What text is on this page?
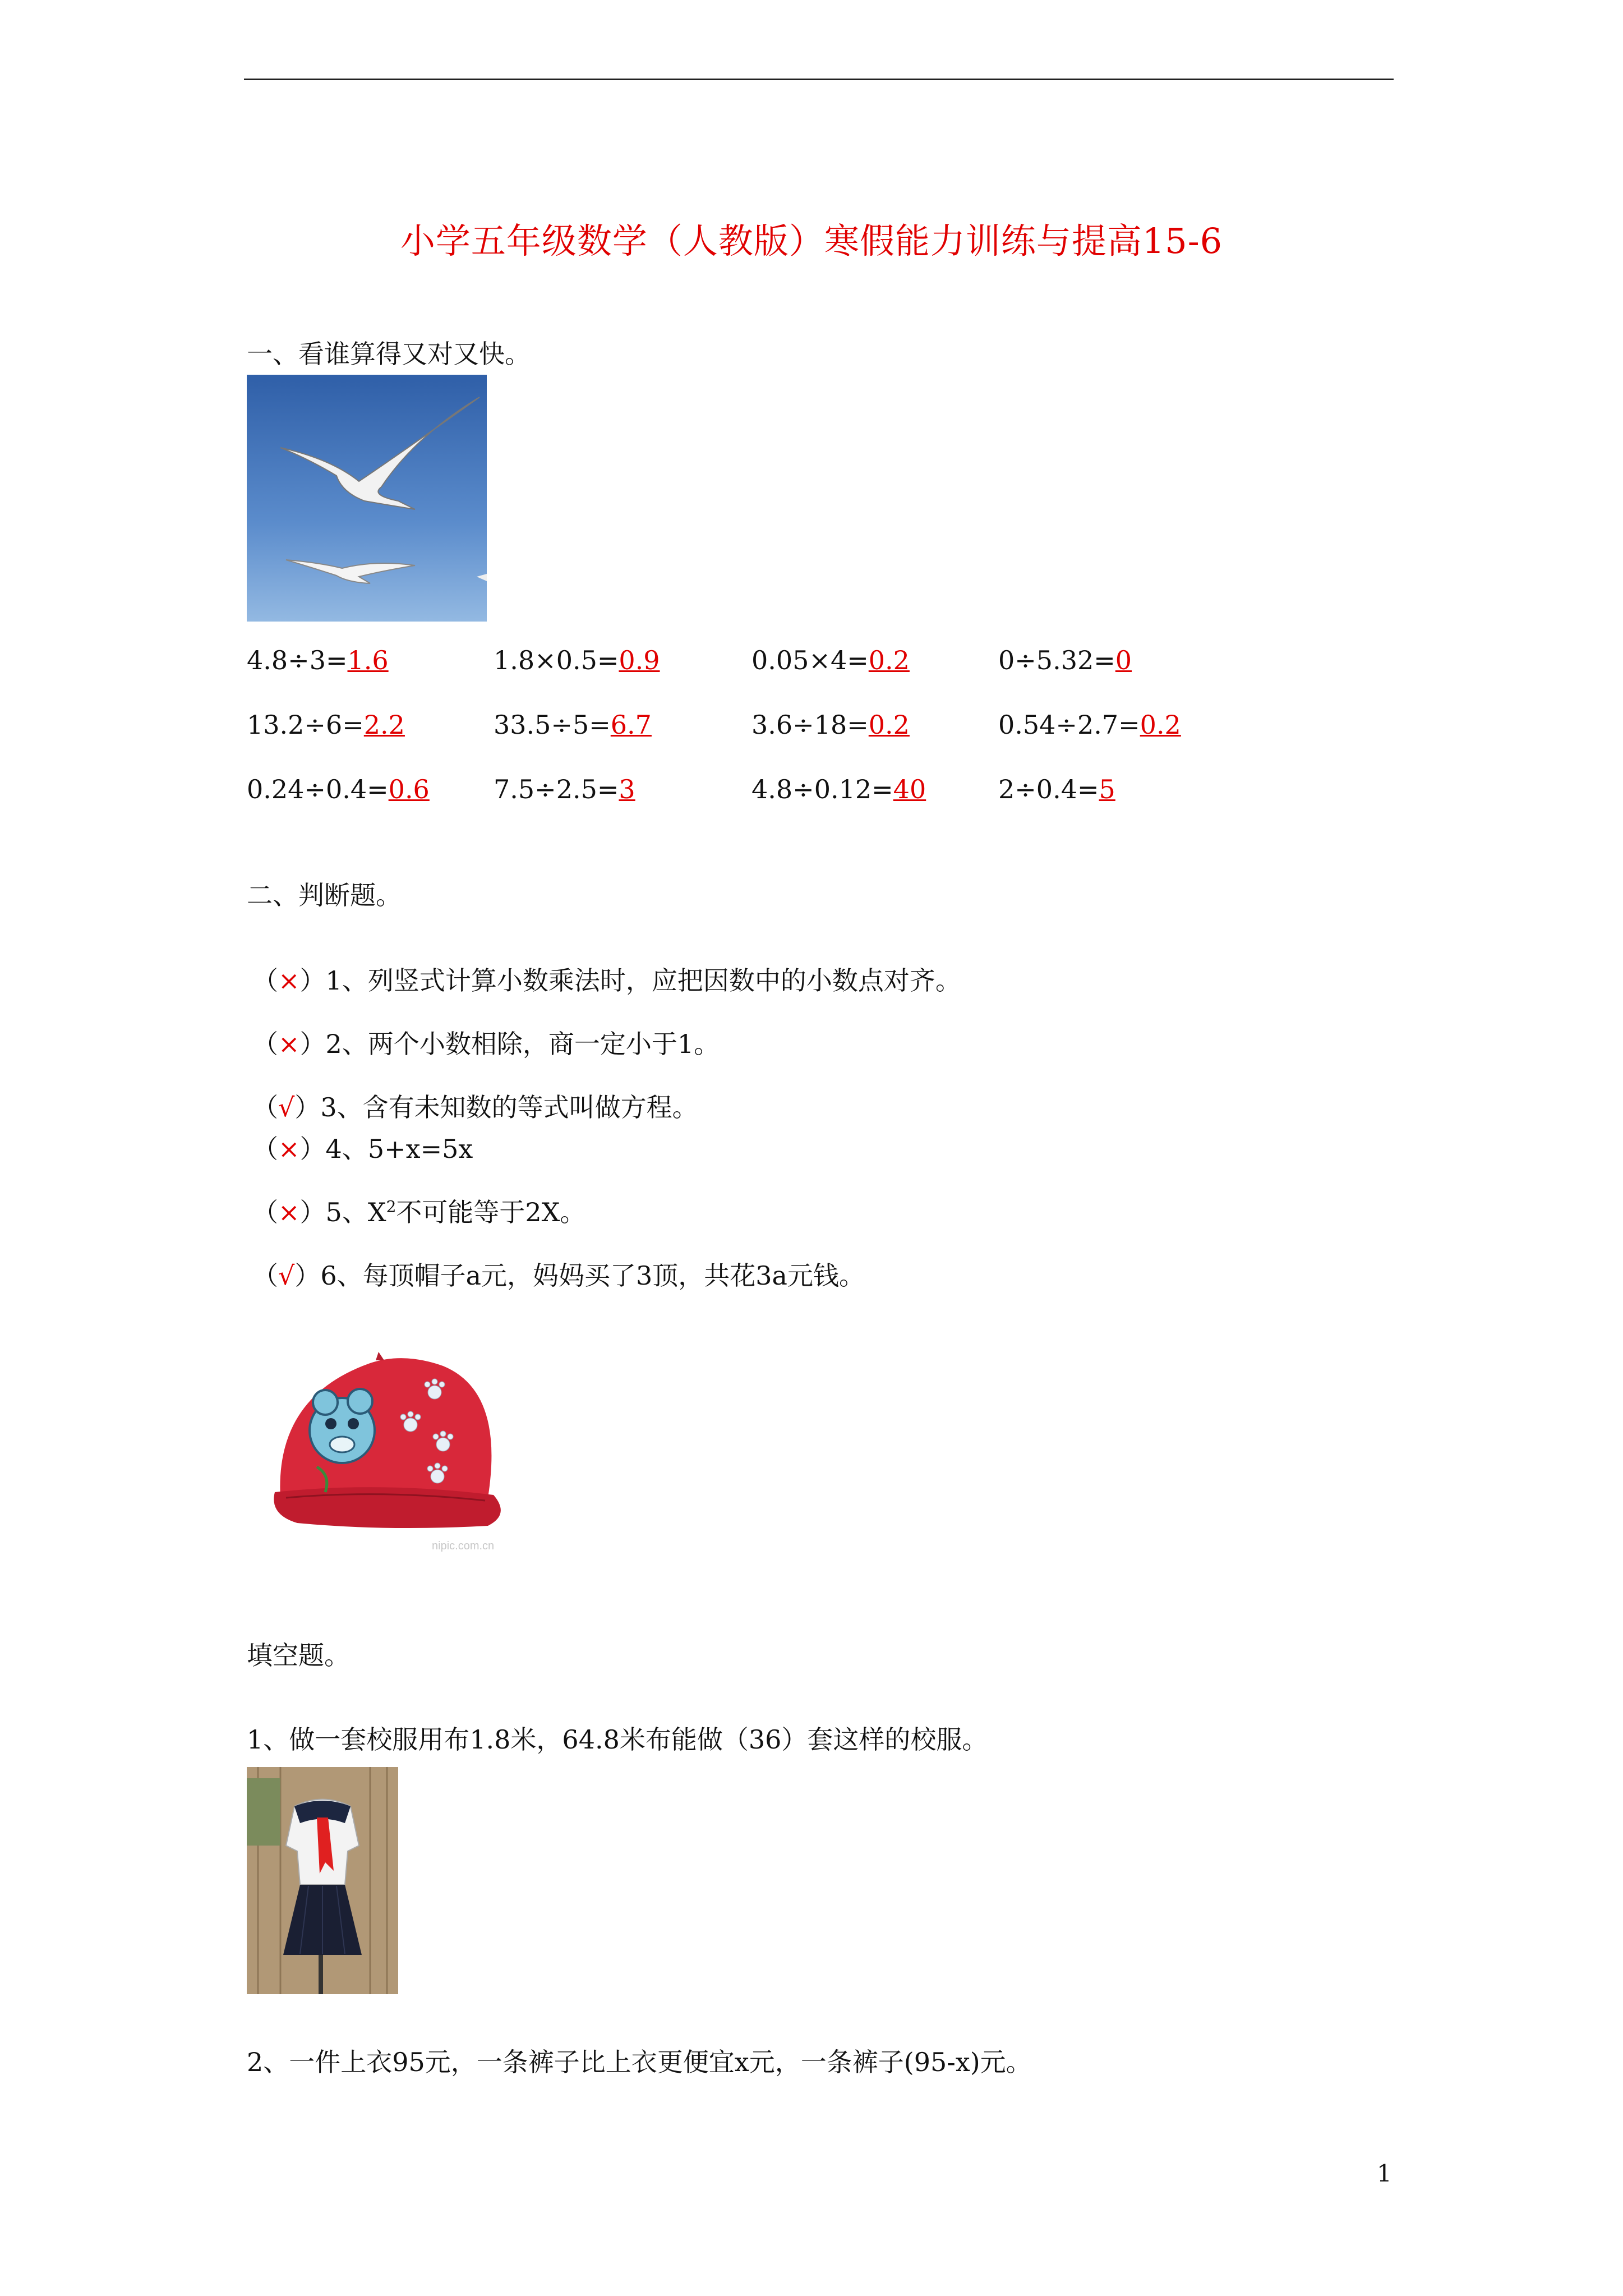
小学五年级数学（人教版）寒假能力训练与提高15-6
一、看谁算得又对又快。
4.8÷3=1.6	1.8×0.5=0.9	0.05×4=0.2	0÷5.32=0
13.2÷6=2.2	33.5÷5=6.7	3.6÷18=0.2	0.54÷2.7=0.2
0.24÷0.4=0.6 7.5÷2.5=3	4.8÷0.12=40	2÷0.4=5
二、判断题。
（×）1、列竖式计算小数乘法时，应把因数中的小数点对齐。
（×）2、两个小数相除，商一定小于1。
（√）3、含有未知数的等式叫做方程。
（×）4、5+x=5x
（×）5、$X^2$不可能等于2X。
（√）6、每顶帽子a元，妈妈买了3顶，共花3a元钱。
nipic.com.cn
填空题。
1、做一套校服用布1.8米，64.8米布能做（36）套这样的校服。
2、一件上衣95元，一条裤子比上衣更便宜x元，一条裤子(95-x)元。
1
